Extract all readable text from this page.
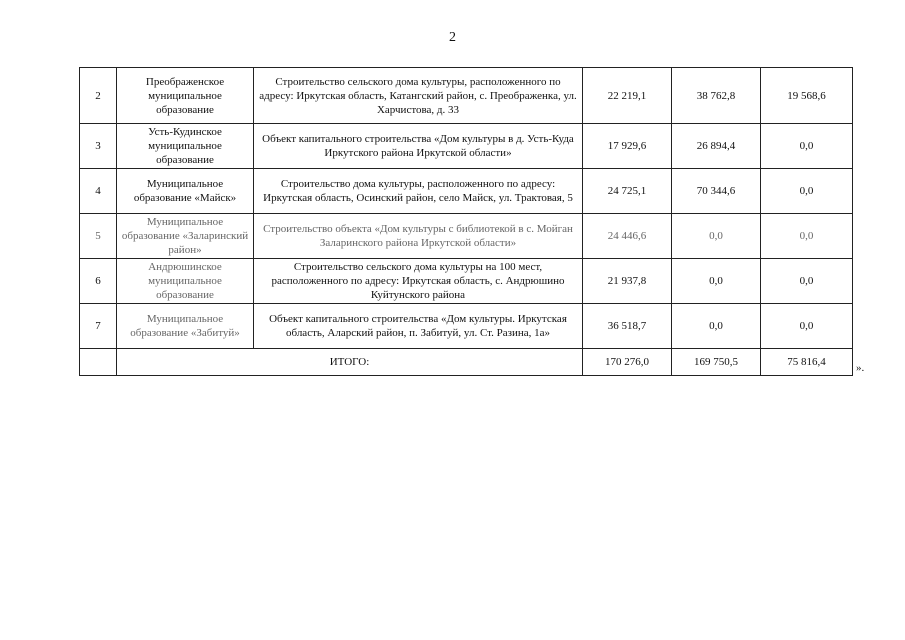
2
2	Преображенское муниципальное образование	Строительство сельского дома культуры, расположенного по адресу: Иркутская область, Катангский район, с. Преображенка, ул. Харчистова, д. 33	22 219,1	38 762,8	19 568,6
3	Усть-Кудинское муниципальное образование	Объект капитального строительства «Дом культуры в д. Усть-Куда Иркутского района Иркутской области»	17 929,6	26 894,4	0,0
4	Муниципальное образование «Майск»	Строительство дома культуры, расположенного по адресу: Иркутская область, Осинский район, село Майск, ул. Трактовая, 5	24 725,1	70 344,6	0,0
5	Муниципальное образование «Заларинский район»	Строительство объекта «Дом культуры с библиотекой в с. Мойган Заларинского района Иркутской области»	24 446,6	0,0	0,0
6	Андрюшинское муниципальное образование	Строительство сельского дома культуры на 100 мест, расположенного по адресу: Иркутская область, с. Андрюшино Куйтунского района	21 937,8	0,0	0,0
7	Муниципальное образование «Забитуй»	Объект капитального строительства «Дом культуры. Иркутская область, Аларский район, п. Забитуй, ул. Ст. Разина, 1а»	36 518,7	0,0	0,0
	ИТОГО:		170 276,0	169 750,5	75 816,4	».
